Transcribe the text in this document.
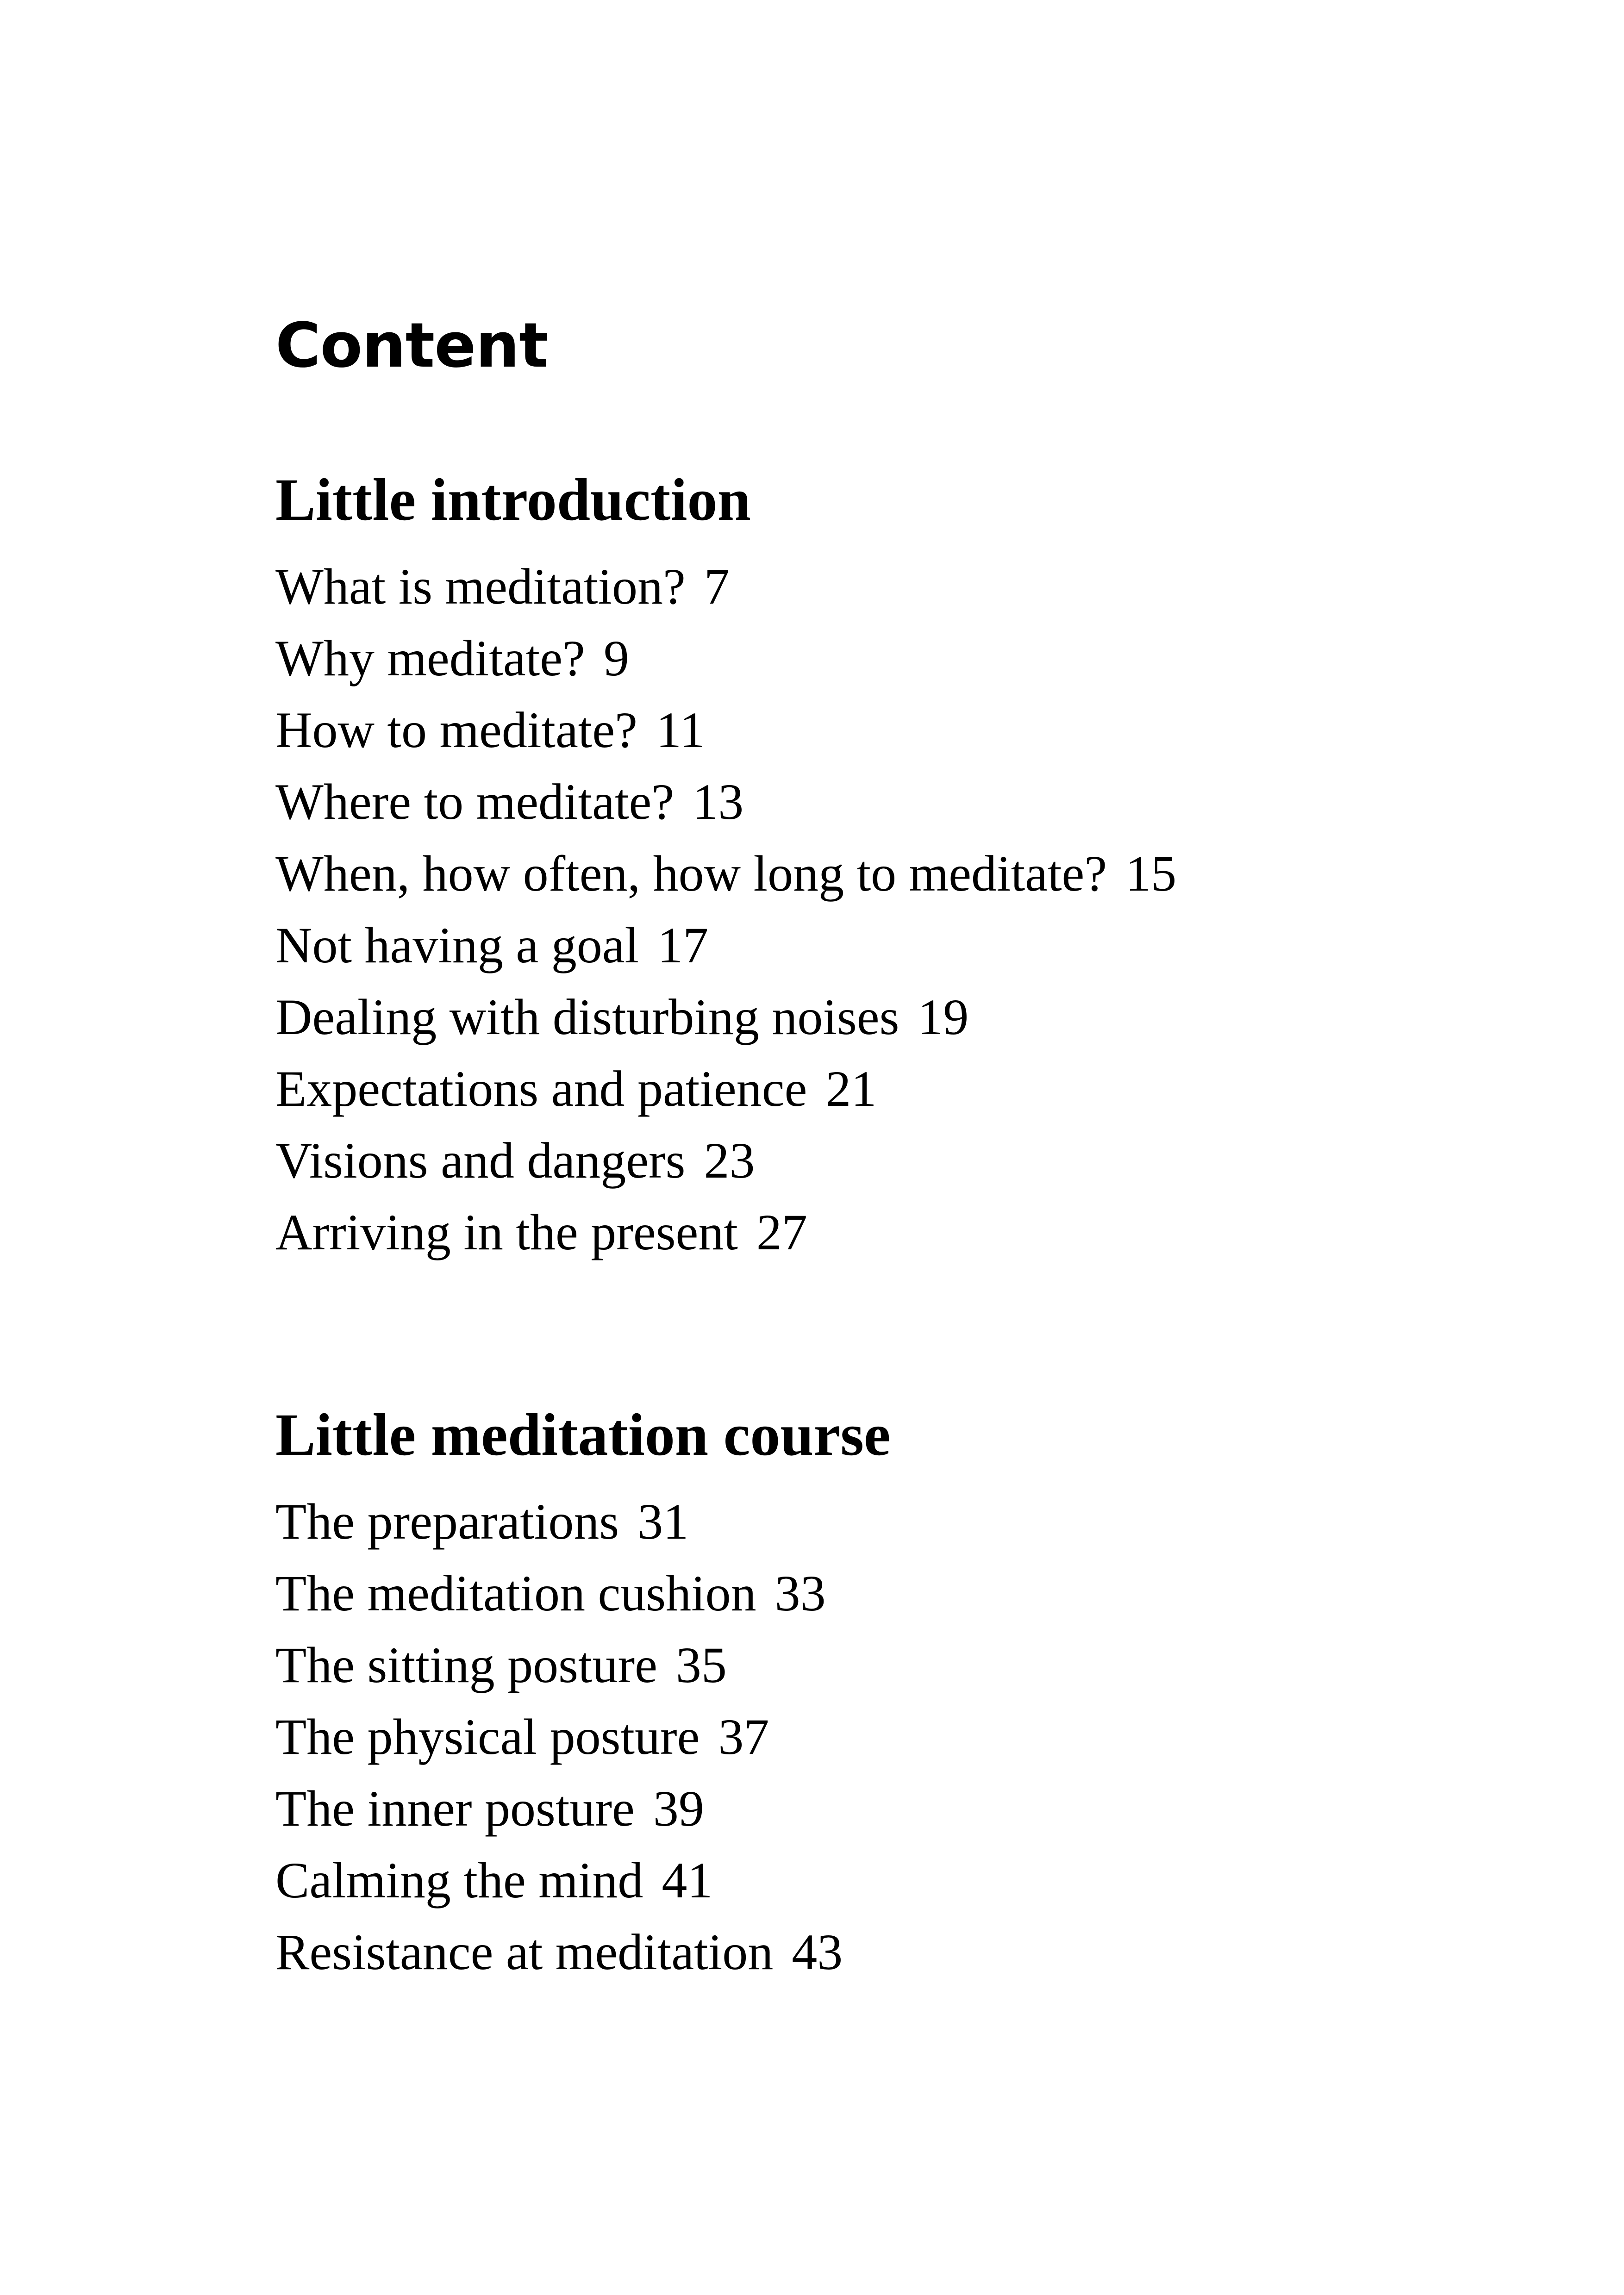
Content
Little introduction
What is meditation? 7
Why meditate? 9
How to meditate? 11
Where to meditate? 13
When, how often, how long to meditate? 15
Not having a goal 17
Dealing with disturbing noises 19
Expectations and patience 21
Visions and dangers 23
Arriving in the present 27
Little meditation course
The preparations 31
The meditation cushion 33
The sitting posture 35
The physical posture 37
The inner posture 39
Calming the mind 41
Resistance at meditation 43
